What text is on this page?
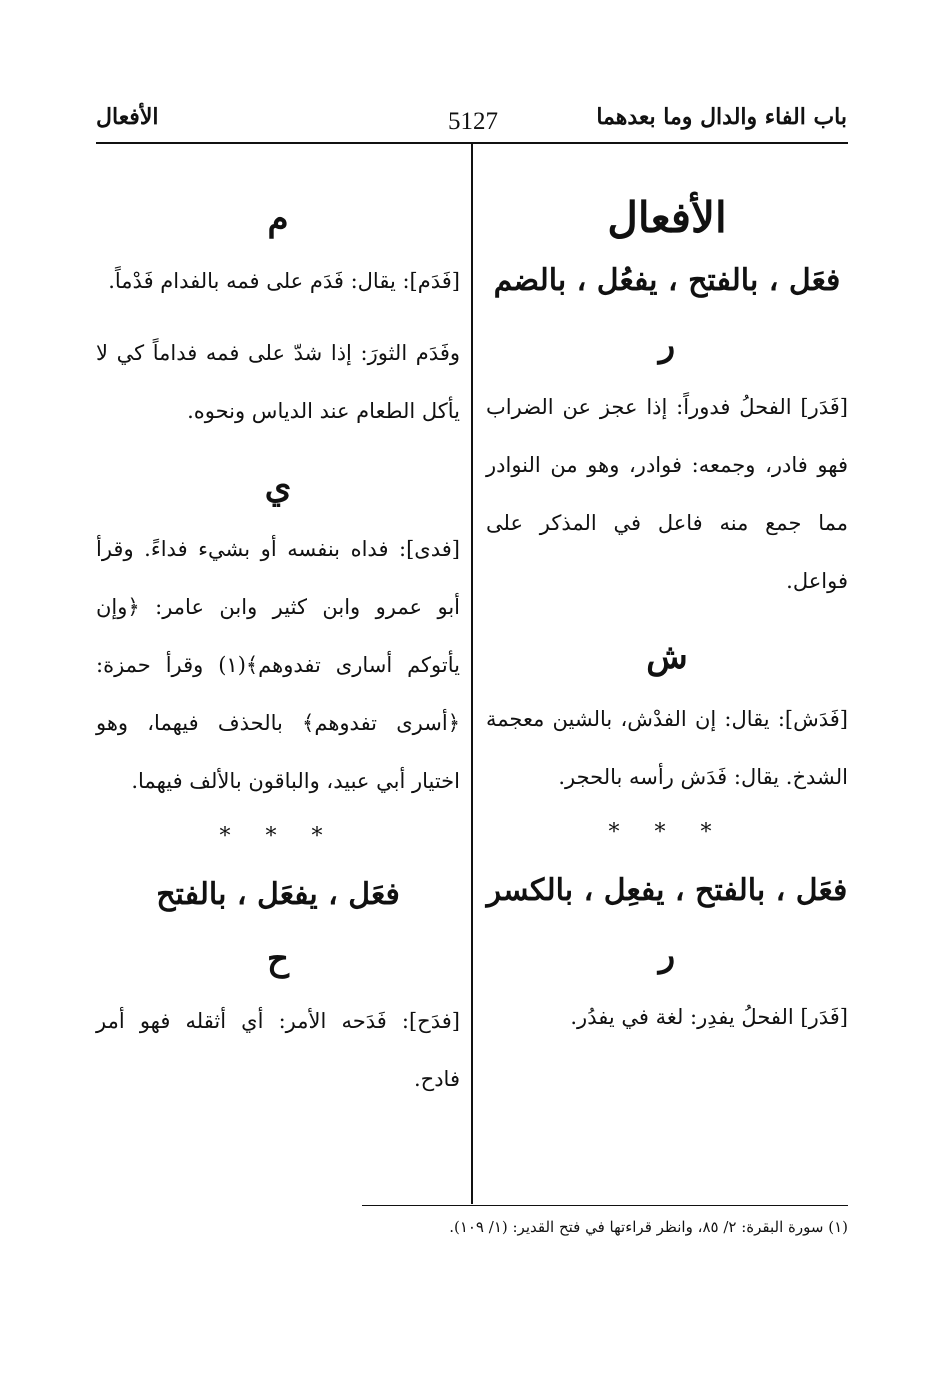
باب الفاء والدال وما بعدهما
5127
الأفعال
الأفعال
فعَل ، بالفتح ، يفعُل ، بالضم
ر

[فَدَر] الفحلُ فدوراً: إذا عجز عن الضراب فهو فادر، وجمعه: فوادر، وهو من النوادر مما جمع منه فاعل في المذكر على فواعل.

ش

[فَدَش]: يقال: إن الفدْش، بالشين معجمة الشدخ. يقال: فَدَش رأسه بالحجر.

* * *
فعَل ، بالفتح ، يفعِل ، بالكسر
ر

[فَدَر] الفحلُ يفدِر: لغة في يفدُر.

م

[فَدَم]: يقال: فَدَم على فمه بالفدام فَدْماً.

وفَدَم الثورَ: إذا شدّ على فمه فداماً كي لا يأكل الطعام عند الدياس ونحوه.

ي

[فدى]: فداه بنفسه أو بشيء فداءً. وقرأ أبو عمرو وابن كثير وابن عامر: ﴿وإن يأتوكم أسارى تفدوهم﴾(١) وقرأ حمزة: ﴿أسرى تفدوهم﴾ بالحذف فيهما، وهو اختيار أبي عبيد، والباقون بالألف فيهما.

* * *
فعَل ، يفعَل ، بالفتح
ح

[فدَح]: فَدَحه الأمر: أي أثقله فهو أمر فادح.

(١) سورة البقرة: ٢/ ٨٥، وانظر قراءتها في فتح القدير: (١/ ١٠٩).
